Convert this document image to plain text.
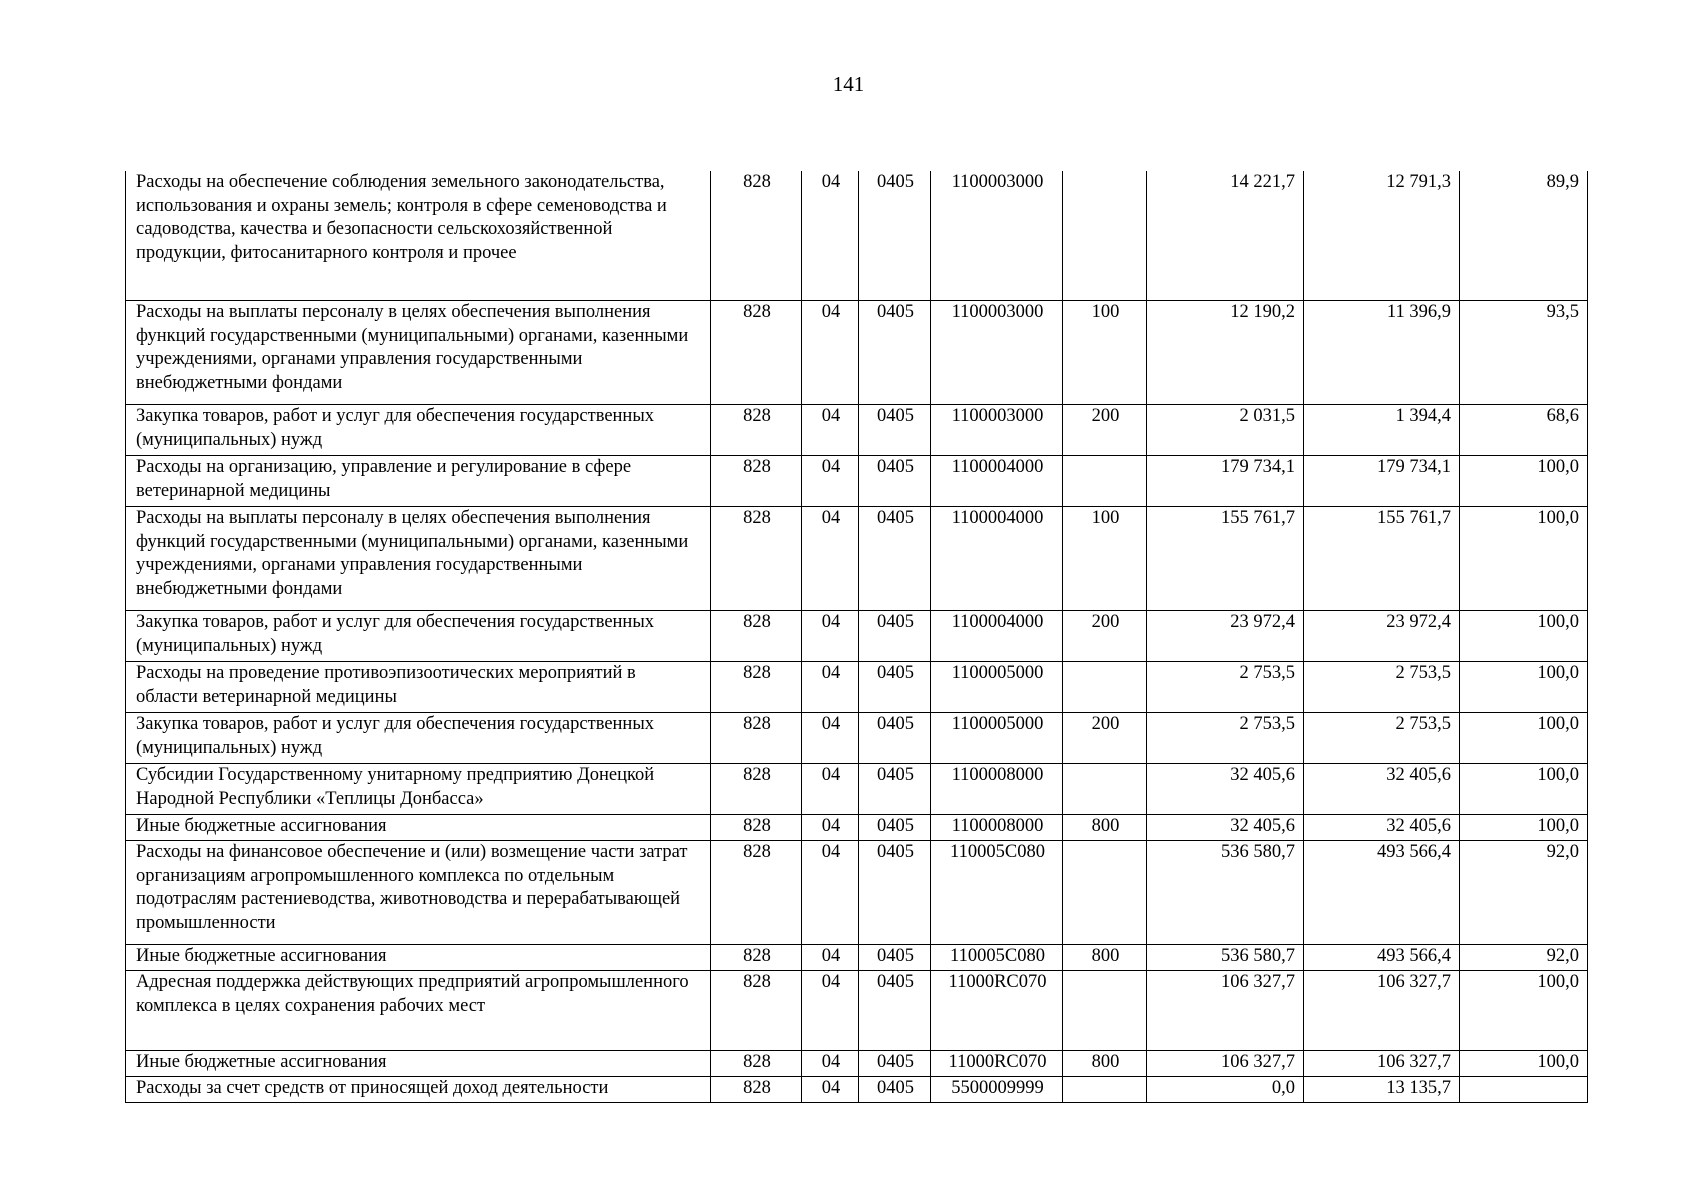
141
Расходы на обеспечение соблюдения земельного законодательства, использования и охраны земель; контроля в сфере семеноводства и садоводства, качества и безопасности сельскохозяйственной продукции, фитосанитарного контроля и прочее	828	04	0405	1100003000		14 221,7	12 791,3	89,9
Расходы на выплаты персоналу в целях обеспечения выполнения функций государственными (муниципальными) органами, казенными учреждениями, органами управления государственными внебюджетными фондами	828	04	0405	1100003000	100	12 190,2	11 396,9	93,5
Закупка товаров, работ и услуг для обеспечения государственных (муниципальных) нужд	828	04	0405	1100003000	200	2 031,5	1 394,4	68,6
Расходы на организацию, управление и регулирование в сфере ветеринарной медицины	828	04	0405	1100004000		179 734,1	179 734,1	100,0
Расходы на выплаты персоналу в целях обеспечения выполнения функций государственными (муниципальными) органами, казенными учреждениями, органами управления государственными внебюджетными фондами	828	04	0405	1100004000	100	155 761,7	155 761,7	100,0
Закупка товаров, работ и услуг для обеспечения государственных (муниципальных) нужд	828	04	0405	1100004000	200	23 972,4	23 972,4	100,0
Расходы на проведение противоэпизоотических мероприятий в области ветеринарной медицины	828	04	0405	1100005000		2 753,5	2 753,5	100,0
Закупка товаров, работ и услуг для обеспечения государственных (муниципальных) нужд	828	04	0405	1100005000	200	2 753,5	2 753,5	100,0
Субсидии Государственному унитарному предприятию Донецкой Народной Республики «Теплицы Донбасса»	828	04	0405	1100008000		32 405,6	32 405,6	100,0
Иные бюджетные ассигнования	828	04	0405	1100008000	800	32 405,6	32 405,6	100,0
Расходы на финансовое обеспечение и (или) возмещение части затрат организациям агропромышленного комплекса по отдельным подотраслям растениеводства, животноводства и перерабатывающей промышленности	828	04	0405	110005С080		536 580,7	493 566,4	92,0
Иные бюджетные ассигнования	828	04	0405	110005С080	800	536 580,7	493 566,4	92,0
Адресная поддержка действующих предприятий агропромышленного комплекса в целях сохранения рабочих мест	828	04	0405	11000RC070		106 327,7	106 327,7	100,0
Иные бюджетные ассигнования	828	04	0405	11000RC070	800	106 327,7	106 327,7	100,0
Расходы за счет средств от приносящей доход деятельности	828	04	0405	5500009999		0,0	13 135,7	
